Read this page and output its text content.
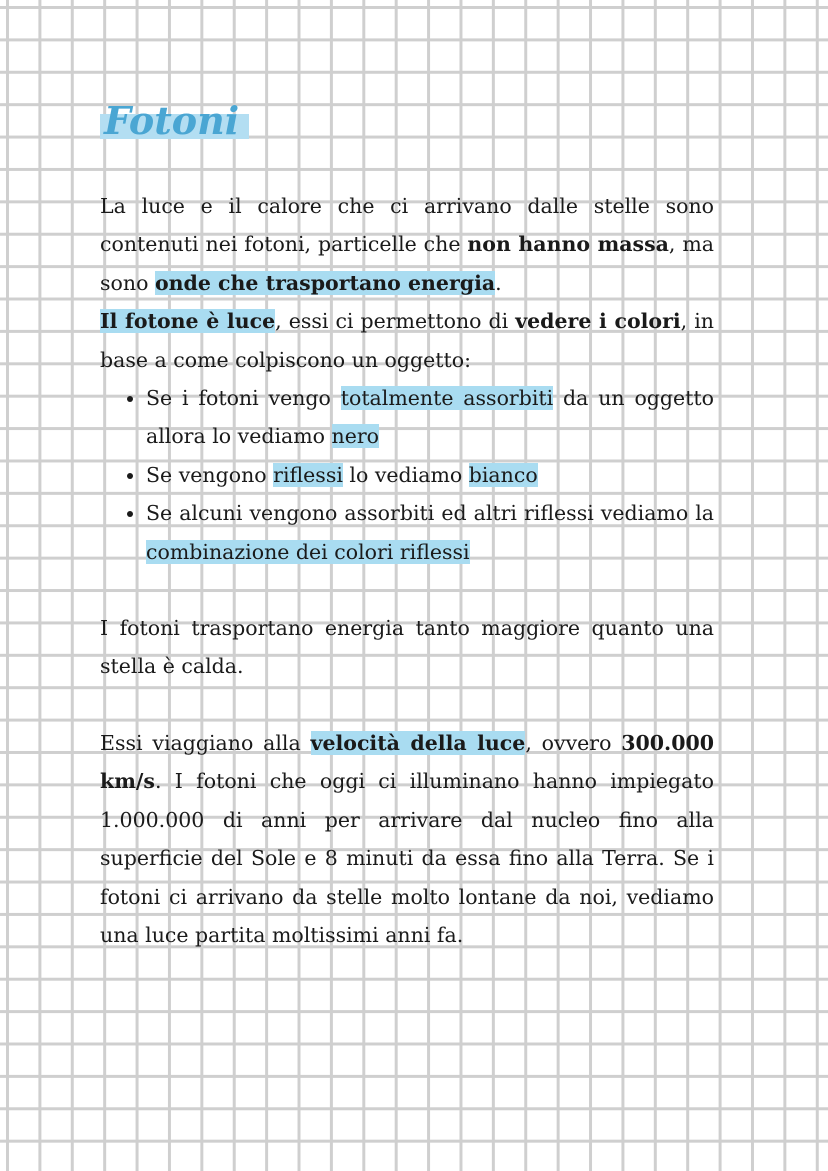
Fotoni

La luce e il calore che ci arrivano dalle stelle sono contenuti nei fotoni, particelle che non hanno massa, ma sono onde che trasportano energia.

Il fotone è luce, essi ci permettono di vedere i colori, in base a come colpiscono un oggetto:

• Se i fotoni vengo totalmente assorbiti da un oggetto allora lo vediamo nero
• Se vengono riflessi lo vediamo bianco
• Se alcuni vengono assorbiti ed altri riflessi vediamo la combinazione dei colori riflessi

I fotoni trasportano energia tanto maggiore quanto una stella è calda.

Essi viaggiano alla velocità della luce, ovvero 300.000 km/s. I fotoni che oggi ci illuminano hanno impiegato 1.000.000 di anni per arrivare dal nucleo fino alla superficie del Sole e 8 minuti da essa fino alla Terra. Se i fotoni ci arrivano da stelle molto lontane da noi, vediamo una luce partita moltissimi anni fa.
